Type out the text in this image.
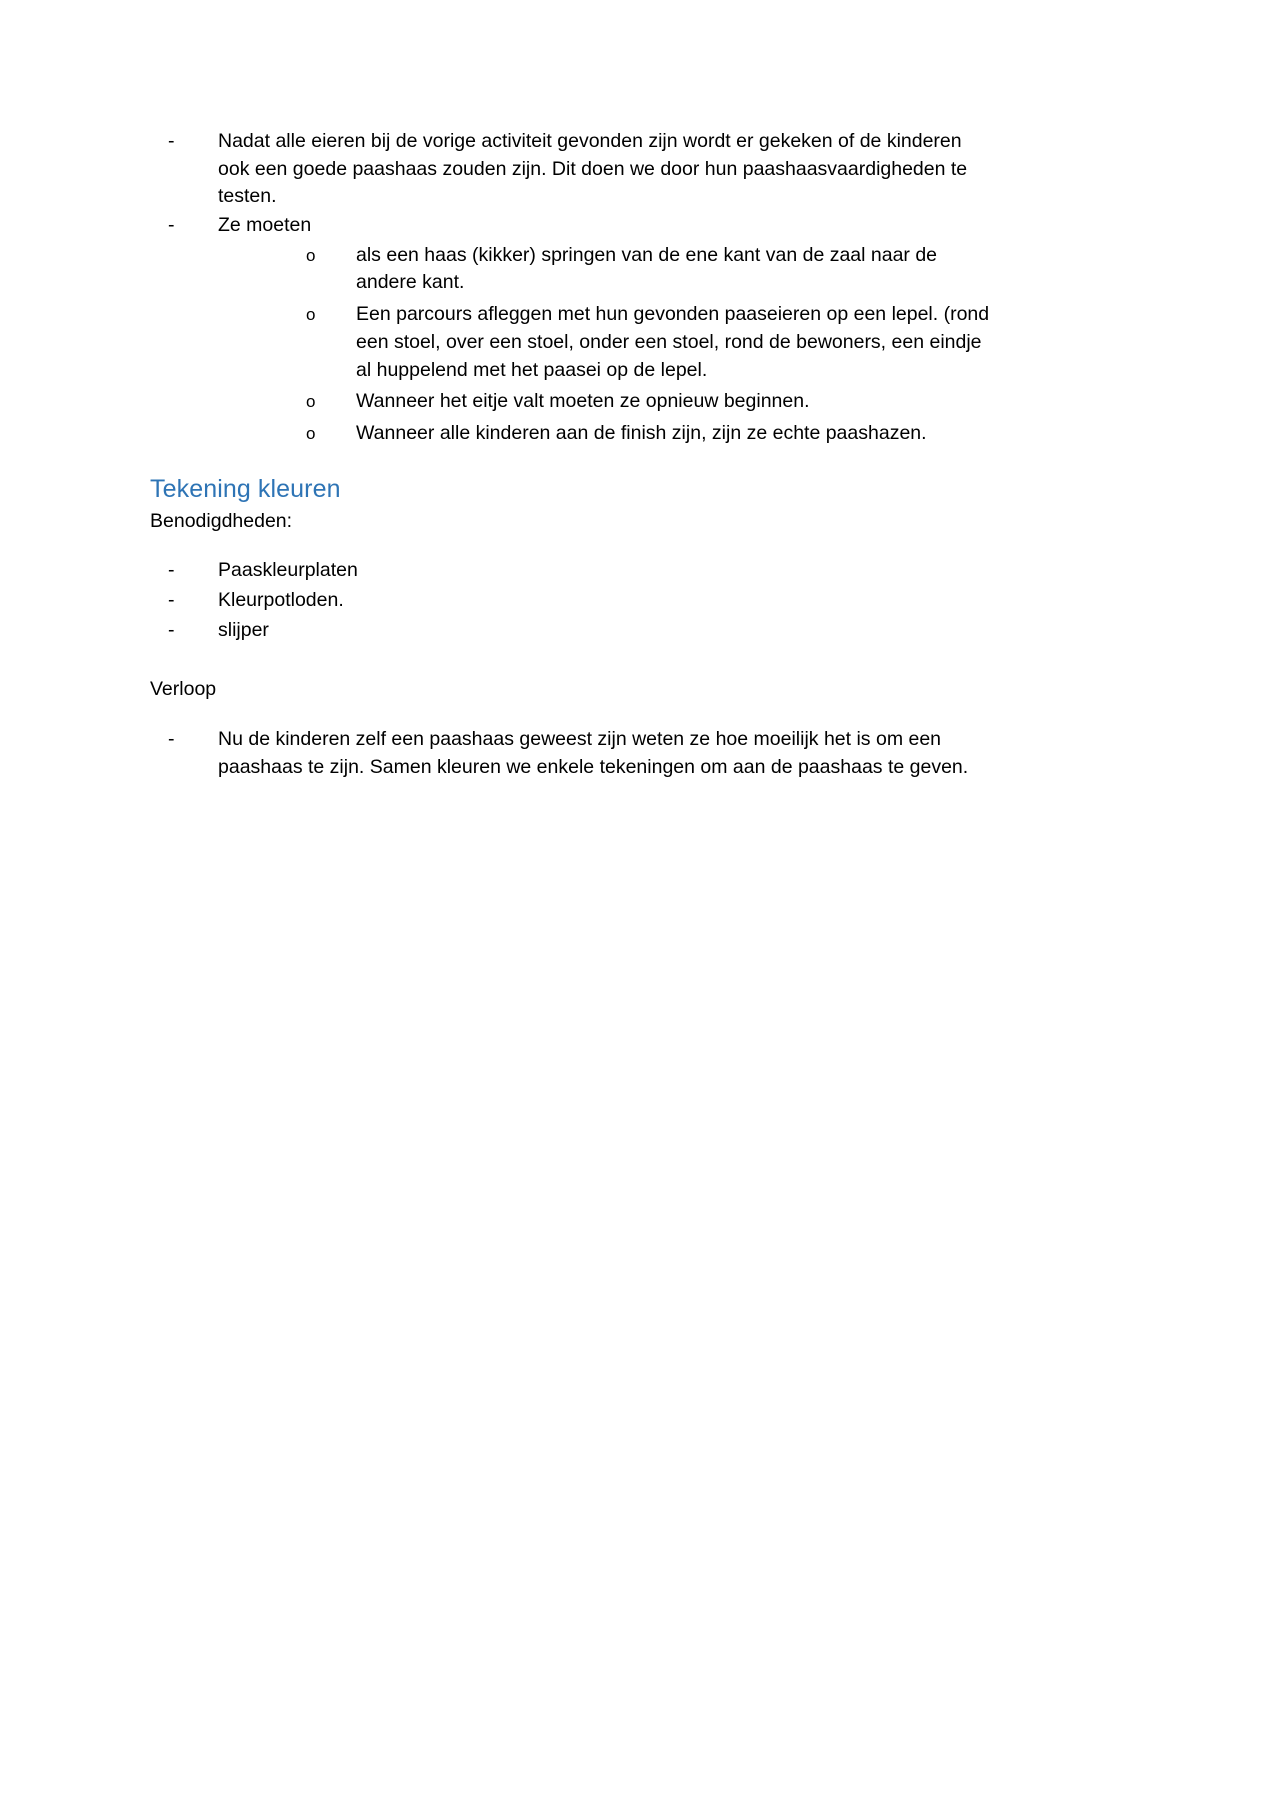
-	Nadat alle eieren bij de vorige activiteit gevonden zijn wordt er gekeken of de kinderen ook een goede paashaas zouden zijn. Dit doen we door hun paashaasvaardigheden te testen.
-	Ze moeten
o als een haas (kikker) springen van de ene kant van de zaal naar de andere kant.
o Een parcours afleggen met hun gevonden paaseieren op een lepel. (rond een stoel, over een stoel, onder een stoel, rond de bewoners, een eindje al huppelend met het paasei op de lepel.
o Wanneer het eitje valt moeten ze opnieuw beginnen.
o Wanneer alle kinderen aan de finish zijn, zijn ze echte paashazen.
Tekening kleuren

Benodigdheden:

-	Paaskleurplaten
-	Kleurpotloden.
-	slijper

Verloop

-	Nu de kinderen zelf een paashaas geweest zijn weten ze hoe moeilijk het is om een paashaas te zijn. Samen kleuren we enkele tekeningen om aan de paashaas te geven.
